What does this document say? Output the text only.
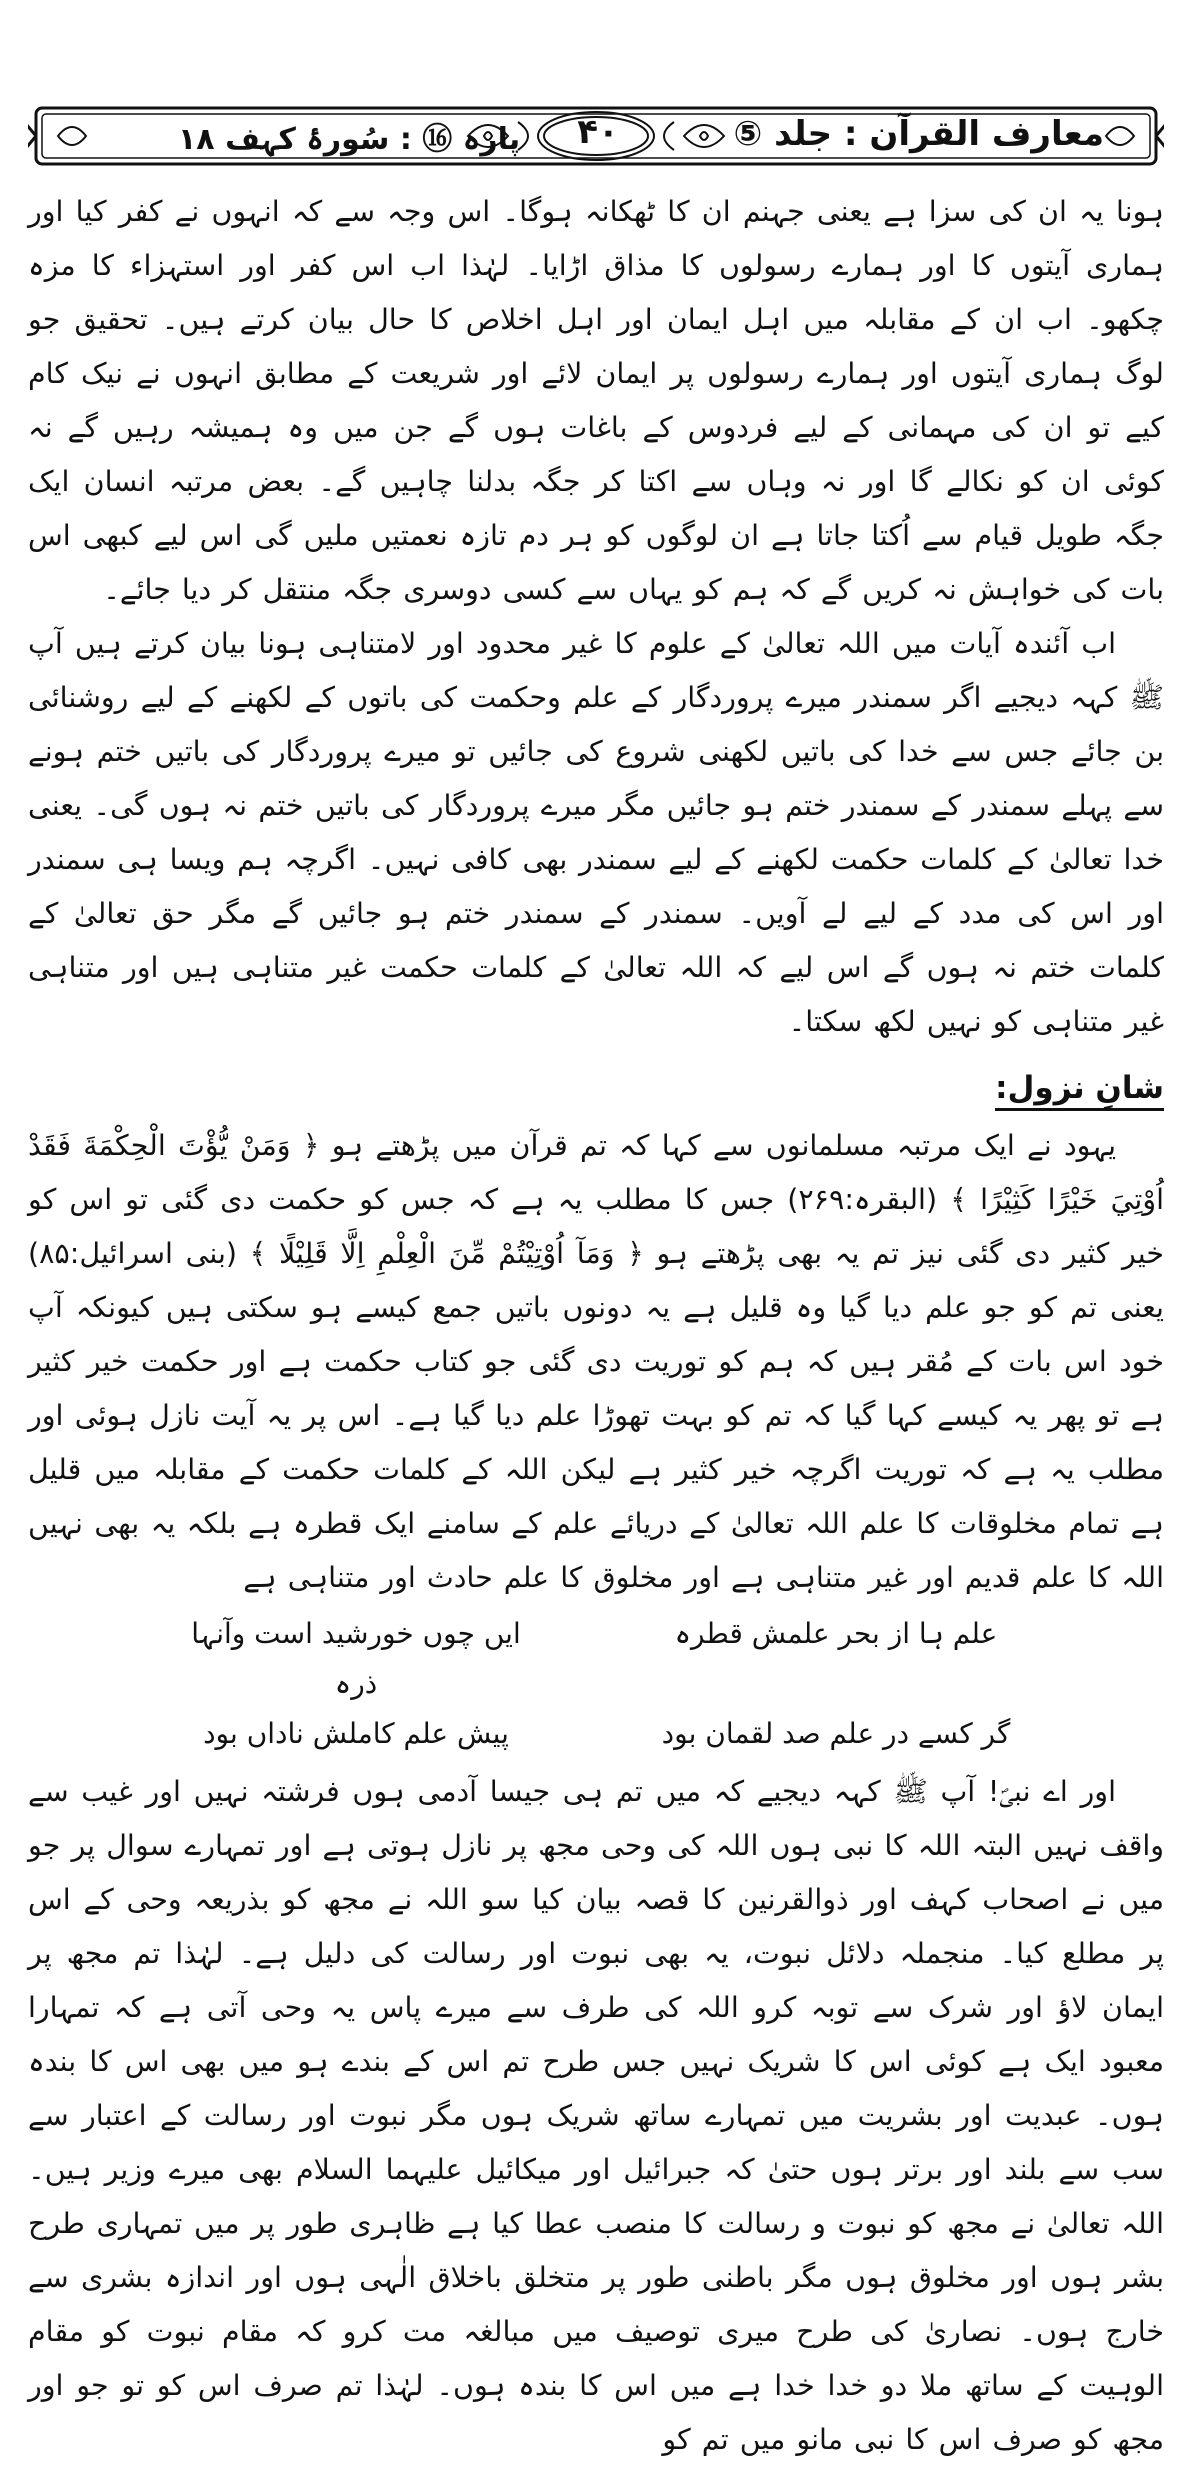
معارف القرآن : جلد ⑤
۴۰
پارہ ⑯ : سُورۂ کہف ۱۸

ہونا یہ ان کی سزا ہے یعنی جہنم ان کا ٹھکانہ ہوگا۔ اس وجہ سے کہ انہوں نے کفر کیا اور ہماری آیتوں کا اور ہمارے رسولوں کا مذاق اڑایا۔ لہٰذا اب اس کفر اور استہزاء کا مزہ چکھو۔ اب ان کے مقابلہ میں اہل ایمان اور اہل اخلاص کا حال بیان کرتے ہیں۔ تحقیق جو لوگ ہماری آیتوں اور ہمارے رسولوں پر ایمان لائے اور شریعت کے مطابق انہوں نے نیک کام کیے تو ان کی مہمانی کے لیے فردوس کے باغات ہوں گے جن میں وہ ہمیشہ رہیں گے نہ کوئی ان کو نکالے گا اور نہ وہاں سے اکتا کر جگہ بدلنا چاہیں گے۔ بعض مرتبہ انسان ایک جگہ طویل قیام سے اُکتا جاتا ہے ان لوگوں کو ہر دم تازہ نعمتیں ملیں گی اس لیے کبھی اس بات کی خواہش نہ کریں گے کہ ہم کو یہاں سے کسی دوسری جگہ منتقل کر دیا جائے۔

اب آئندہ آیات میں اللہ تعالیٰ کے علوم کا غیر محدود اور لامتناہی ہونا بیان کرتے ہیں آپ ﷺ کہہ دیجیے اگر سمندر میرے پروردگار کے علم وحکمت کی باتوں کے لکھنے کے لیے روشنائی بن جائے جس سے خدا کی باتیں لکھنی شروع کی جائیں تو میرے پروردگار کی باتیں ختم ہونے سے پہلے سمندر کے سمندر ختم ہو جائیں مگر میرے پروردگار کی باتیں ختم نہ ہوں گی۔ یعنی خدا تعالیٰ کے کلمات حکمت لکھنے کے لیے سمندر بھی کافی نہیں۔ اگرچہ ہم ویسا ہی سمندر اور اس کی مدد کے لیے لے آویں۔ سمندر کے سمندر ختم ہو جائیں گے مگر حق تعالیٰ کے کلمات ختم نہ ہوں گے اس لیے کہ اللہ تعالیٰ کے کلمات حکمت غیر متناہی ہیں اور متناہی غیر متناہی کو نہیں لکھ سکتا۔

شانِ نزول:

یہود نے ایک مرتبہ مسلمانوں سے کہا کہ تم قرآن میں پڑھتے ہو ﴿ وَمَنْ يُّؤْتَ الْحِكْمَةَ فَقَدْ اُوْتِيَ خَيْرًا كَثِيْرًا ﴾ (البقرہ:۲۶۹) جس کا مطلب یہ ہے کہ جس کو حکمت دی گئی تو اس کو خیر کثیر دی گئی نیز تم یہ بھی پڑھتے ہو ﴿ وَمَآ اُوْتِيْتُمْ مِّنَ الْعِلْمِ اِلَّا قَلِيْلًا ﴾ (بنی اسرائیل:۸۵) یعنی تم کو جو علم دیا گیا وہ قلیل ہے یہ دونوں باتیں جمع کیسے ہو سکتی ہیں کیونکہ آپ خود اس بات کے مُقر ہیں کہ ہم کو توریت دی گئی جو کتاب حکمت ہے اور حکمت خیر کثیر ہے تو پھر یہ کیسے کہا گیا کہ تم کو بہت تھوڑا علم دیا گیا ہے۔ اس پر یہ آیت نازل ہوئی اور مطلب یہ ہے کہ توریت اگرچہ خیر کثیر ہے لیکن اللہ کے کلمات حکمت کے مقابلہ میں قلیل ہے تمام مخلوقات کا علم اللہ تعالیٰ کے دریائے علم کے سامنے ایک قطرہ ہے بلکہ یہ بھی نہیں اللہ کا علم قدیم اور غیر متناہی ہے اور مخلوق کا علم حادث اور متناہی ہے

علم ہا از بحر علمش قطرہ
ایں چوں خورشید است وآنہا ذرہ
گر کسے در علم صد لقمان بود
پیش علم کاملش ناداں بود

اور اے نبیؐ! آپ ﷺ کہہ دیجیے کہ میں تم ہی جیسا آدمی ہوں فرشتہ نہیں اور غیب سے واقف نہیں البتہ اللہ کا نبی ہوں اللہ کی وحی مجھ پر نازل ہوتی ہے اور تمہارے سوال پر جو میں نے اصحاب کہف اور ذوالقرنین کا قصہ بیان کیا سو اللہ نے مجھ کو بذریعہ وحی کے اس پر مطلع کیا۔ منجملہ دلائل نبوت، یہ بھی نبوت اور رسالت کی دلیل ہے۔ لہٰذا تم مجھ پر ایمان لاؤ اور شرک سے توبہ کرو اللہ کی طرف سے میرے پاس یہ وحی آتی ہے کہ تمہارا معبود ایک ہے کوئی اس کا شریک نہیں جس طرح تم اس کے بندے ہو میں بھی اس کا بندہ ہوں۔ عبدیت اور بشریت میں تمہارے ساتھ شریک ہوں مگر نبوت اور رسالت کے اعتبار سے سب سے بلند اور برتر ہوں حتیٰ کہ جبرائیل اور میکائیل علیہما السلام بھی میرے وزیر ہیں۔ اللہ تعالیٰ نے مجھ کو نبوت و رسالت کا منصب عطا کیا ہے ظاہری طور پر میں تمہاری طرح بشر ہوں اور مخلوق ہوں مگر باطنی طور پر متخلق باخلاق الٰہی ہوں اور اندازہ بشری سے خارج ہوں۔ نصاریٰ کی طرح میری توصیف میں مبالغہ مت کرو کہ مقام نبوت کو مقام الوہیت کے ساتھ ملا دو خدا خدا ہے میں اس کا بندہ ہوں۔ لہٰذا تم صرف اس کو تو جو اور مجھ کو صرف اس کا نبی مانو میں تم کو
